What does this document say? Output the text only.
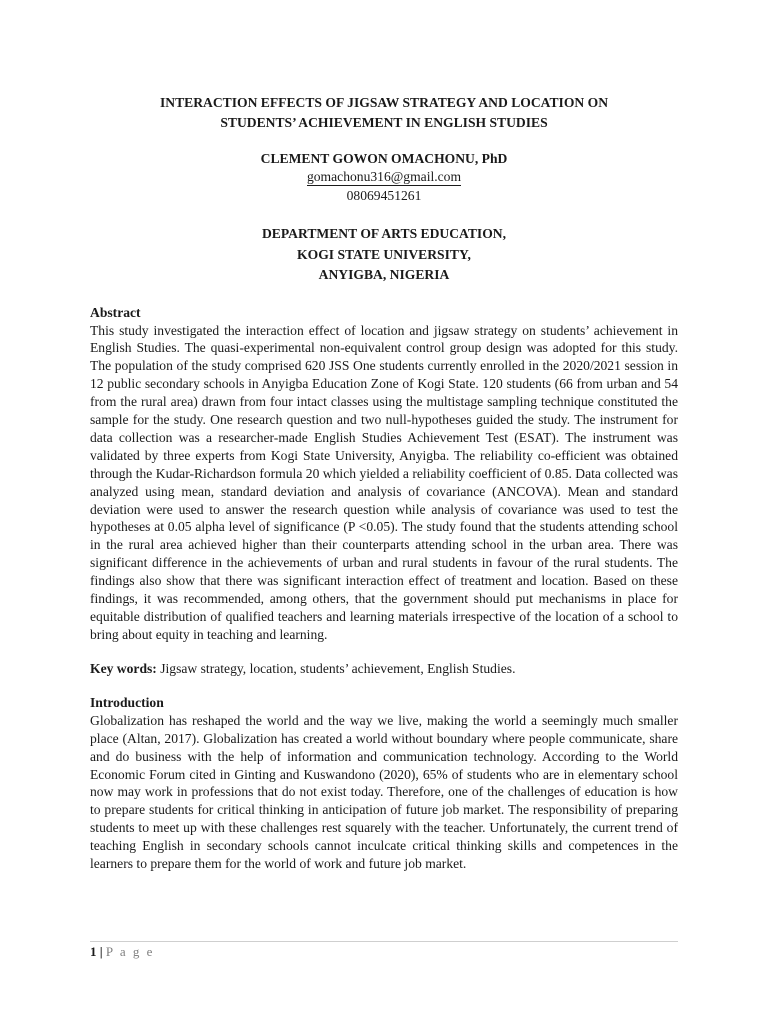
INTERACTION EFFECTS OF JIGSAW STRATEGY AND LOCATION ON
STUDENTS’ ACHIEVEMENT IN ENGLISH STUDIES
CLEMENT GOWON OMACHONU, PhD
gomachonu316@gmail.com
08069451261
DEPARTMENT OF ARTS EDUCATION,
KOGI STATE UNIVERSITY,
ANYIGBA, NIGERIA
Abstract

This study investigated the interaction effect of location and jigsaw strategy on students’ achievement in English Studies. The quasi-experimental non-equivalent control group design was adopted for this study. The population of the study comprised 620 JSS One students currently enrolled in the 2020/2021 session in 12 public secondary schools in Anyigba Education Zone of Kogi State. 120 students (66 from urban and 54 from the rural area) drawn from four intact classes using the multistage sampling technique constituted the sample for the study. One research question and two null-hypotheses guided the study. The instrument for data collection was a researcher-made English Studies Achievement Test (ESAT). The instrument was validated by three experts from Kogi State University, Anyigba. The reliability co-efficient was obtained through the Kudar-Richardson formula 20 which yielded a reliability coefficient of 0.85. Data collected was analyzed using mean, standard deviation and analysis of covariance (ANCOVA). Mean and standard deviation were used to answer the research question while analysis of covariance was used to test the hypotheses at 0.05 alpha level of significance (P <0.05). The study found that the students attending school in the rural area achieved higher than their counterparts attending school in the urban area. There was significant difference in the achievements of urban and rural students in favour of the rural students. The findings also show that there was significant interaction effect of treatment and location. Based on these findings, it was recommended, among others, that the government should put mechanisms in place for equitable distribution of qualified teachers and learning materials irrespective of the location of a school to bring about equity in teaching and learning.

Key words: Jigsaw strategy, location, students’ achievement, English Studies.
Introduction

Globalization has reshaped the world and the way we live, making the world a seemingly much smaller place (Altan, 2017). Globalization has created a world without boundary where people communicate, share and do business with the help of information and communication technology. According to the World Economic Forum cited in Ginting and Kuswandono (2020), 65% of students who are in elementary school now may work in professions that do not exist today. Therefore, one of the challenges of education is how to prepare students for critical thinking in anticipation of future job market. The responsibility of preparing students to meet up with these challenges rest squarely with the teacher. Unfortunately, the current trend of teaching English in secondary schools cannot inculcate critical thinking skills and competences in the learners to prepare them for the world of work and future job market.

1 | P a g e
